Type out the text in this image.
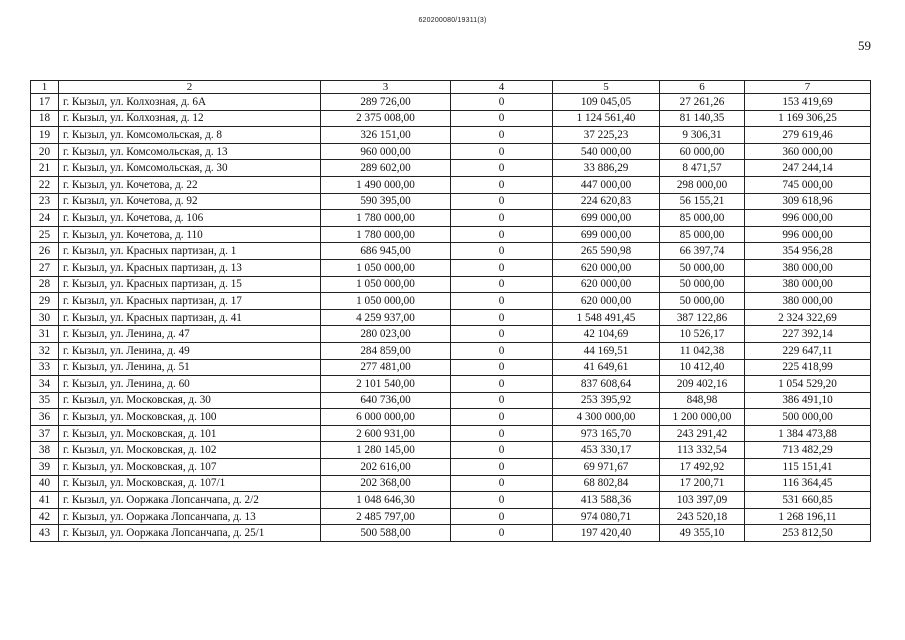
620200080/19311(3)
59
1	2	3	4	5	6	7
17	г. Кызыл, ул. Колхозная, д. 6А	289 726,00	0	109 045,05	27 261,26	153 419,69
18	г. Кызыл, ул. Колхозная, д. 12	2 375 008,00	0	1 124 561,40	81 140,35	1 169 306,25
19	г. Кызыл, ул. Комсомольская, д. 8	326 151,00	0	37 225,23	9 306,31	279 619,46
20	г. Кызыл, ул. Комсомольская, д. 13	960 000,00	0	540 000,00	60 000,00	360 000,00
21	г. Кызыл, ул. Комсомольская, д. 30	289 602,00	0	33 886,29	8 471,57	247 244,14
22	г. Кызыл, ул. Кочетова, д. 22	1 490 000,00	0	447 000,00	298 000,00	745 000,00
23	г. Кызыл, ул. Кочетова, д. 92	590 395,00	0	224 620,83	56 155,21	309 618,96
24	г. Кызыл, ул. Кочетова, д. 106	1 780 000,00	0	699 000,00	85 000,00	996 000,00
25	г. Кызыл, ул. Кочетова, д. 110	1 780 000,00	0	699 000,00	85 000,00	996 000,00
26	г. Кызыл, ул. Красных партизан, д. 1	686 945,00	0	265 590,98	66 397,74	354 956,28
27	г. Кызыл, ул. Красных партизан, д. 13	1 050 000,00	0	620 000,00	50 000,00	380 000,00
28	г. Кызыл, ул. Красных партизан, д. 15	1 050 000,00	0	620 000,00	50 000,00	380 000,00
29	г. Кызыл, ул. Красных партизан, д. 17	1 050 000,00	0	620 000,00	50 000,00	380 000,00
30	г. Кызыл, ул. Красных партизан, д. 41	4 259 937,00	0	1 548 491,45	387 122,86	2 324 322,69
31	г. Кызыл, ул. Ленина, д. 47	280 023,00	0	42 104,69	10 526,17	227 392,14
32	г. Кызыл, ул. Ленина, д. 49	284 859,00	0	44 169,51	11 042,38	229 647,11
33	г. Кызыл, ул. Ленина, д. 51	277 481,00	0	41 649,61	10 412,40	225 418,99
34	г. Кызыл, ул. Ленина, д. 60	2 101 540,00	0	837 608,64	209 402,16	1 054 529,20
35	г. Кызыл, ул. Московская, д. 30	640 736,00	0	253 395,92	848,98	386 491,10
36	г. Кызыл, ул. Московская, д. 100	6 000 000,00	0	4 300 000,00	1 200 000,00	500 000,00
37	г. Кызыл, ул. Московская, д. 101	2 600 931,00	0	973 165,70	243 291,42	1 384 473,88
38	г. Кызыл, ул. Московская, д. 102	1 280 145,00	0	453 330,17	113 332,54	713 482,29
39	г. Кызыл, ул. Московская, д. 107	202 616,00	0	69 971,67	17 492,92	115 151,41
40	г. Кызыл, ул. Московская, д. 107/1	202 368,00	0	68 802,84	17 200,71	116 364,45
41	г. Кызыл, ул. Ооржака Лопсанчапа, д. 2/2	1 048 646,30	0	413 588,36	103 397,09	531 660,85
42	г. Кызыл, ул. Ооржака Лопсанчапа, д. 13	2 485 797,00	0	974 080,71	243 520,18	1 268 196,11
43	г. Кызыл, ул. Ооржака Лопсанчапа, д. 25/1	500 588,00	0	197 420,40	49 355,10	253 812,50
